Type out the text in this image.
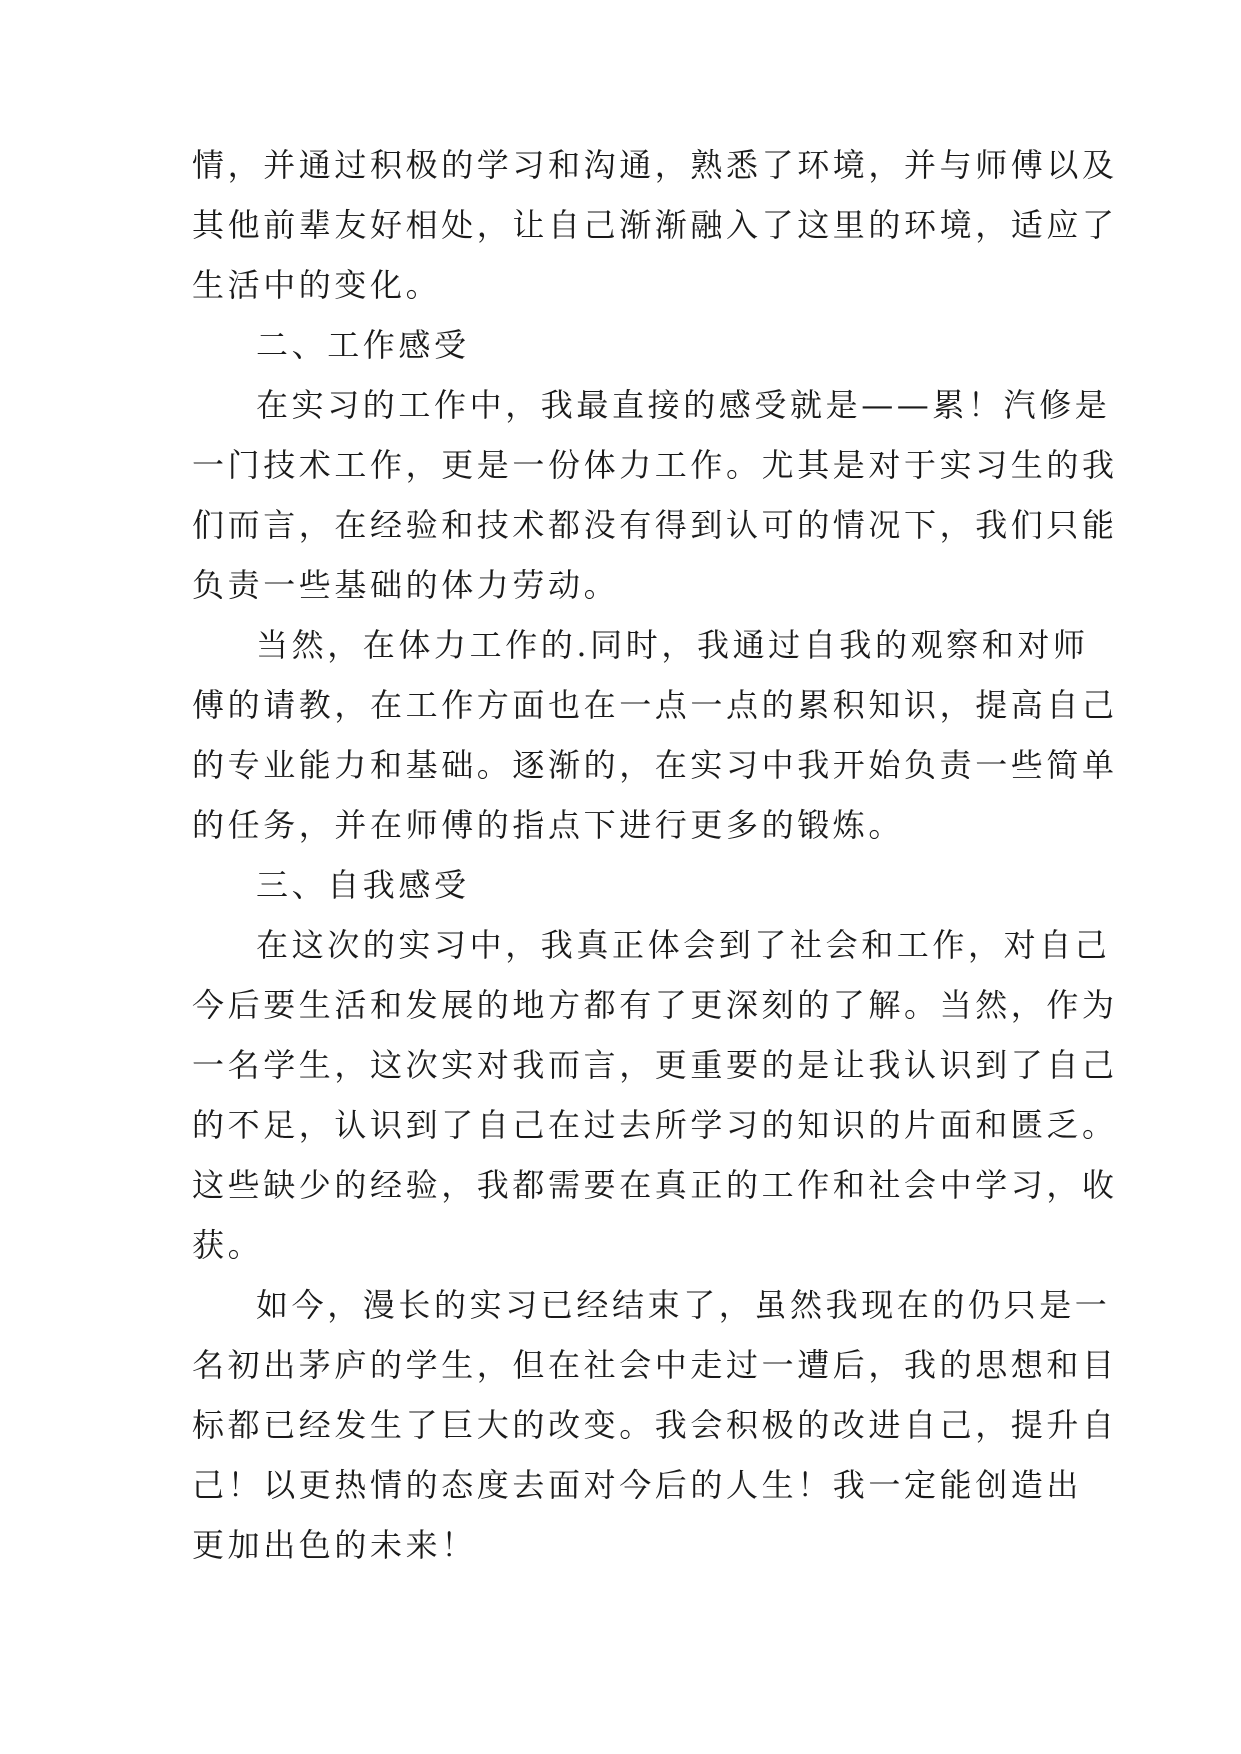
情，并通过积极的学习和沟通，熟悉了环境，并与师傅以及
其他前辈友好相处，让自己渐渐融入了这里的环境，适应了
生活中的变化。
二、工作感受
在实习的工作中，我最直接的感受就是——累！汽修是
一门技术工作，更是一份体力工作。尤其是对于实习生的我
们而言，在经验和技术都没有得到认可的情况下，我们只能
负责一些基础的体力劳动。
当然，在体力工作的.同时，我通过自我的观察和对师
傅的请教，在工作方面也在一点一点的累积知识，提高自己
的专业能力和基础。逐渐的，在实习中我开始负责一些简单
的任务，并在师傅的指点下进行更多的锻炼。
三、自我感受
在这次的实习中，我真正体会到了社会和工作，对自己
今后要生活和发展的地方都有了更深刻的了解。当然，作为
一名学生，这次实对我而言，更重要的是让我认识到了自己
的不足，认识到了自己在过去所学习的知识的片面和匮乏。
这些缺少的经验，我都需要在真正的工作和社会中学习，收
获。
如今，漫长的实习已经结束了，虽然我现在的仍只是一
名初出茅庐的学生，但在社会中走过一遭后，我的思想和目
标都已经发生了巨大的改变。我会积极的改进自己，提升自
己！以更热情的态度去面对今后的人生！我一定能创造出
更加出色的未来！
